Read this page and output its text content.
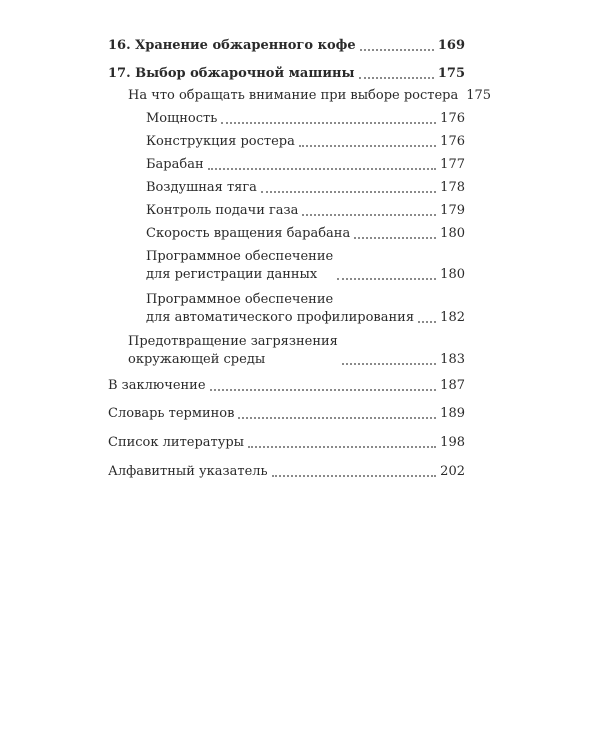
16. Хранение обжаренного кофе	169
17. Выбор обжарочной машины	175
На что обращать внимание при выборе ростера 175
Мощность	176
Конструкция ростера	176
Барабан	177
Воздушная тяга	178
Контроль подачи газа	179
Скорость вращения барабана	180
Программное обеспечение
для регистрации данных	180
Программное обеспечение
для автоматического профилирования 182
Предотвращение загрязнения
окружающей среды	183
В заключение	187
Словарь терминов	189
Список литературы	198
Алфавитный указатель	202
